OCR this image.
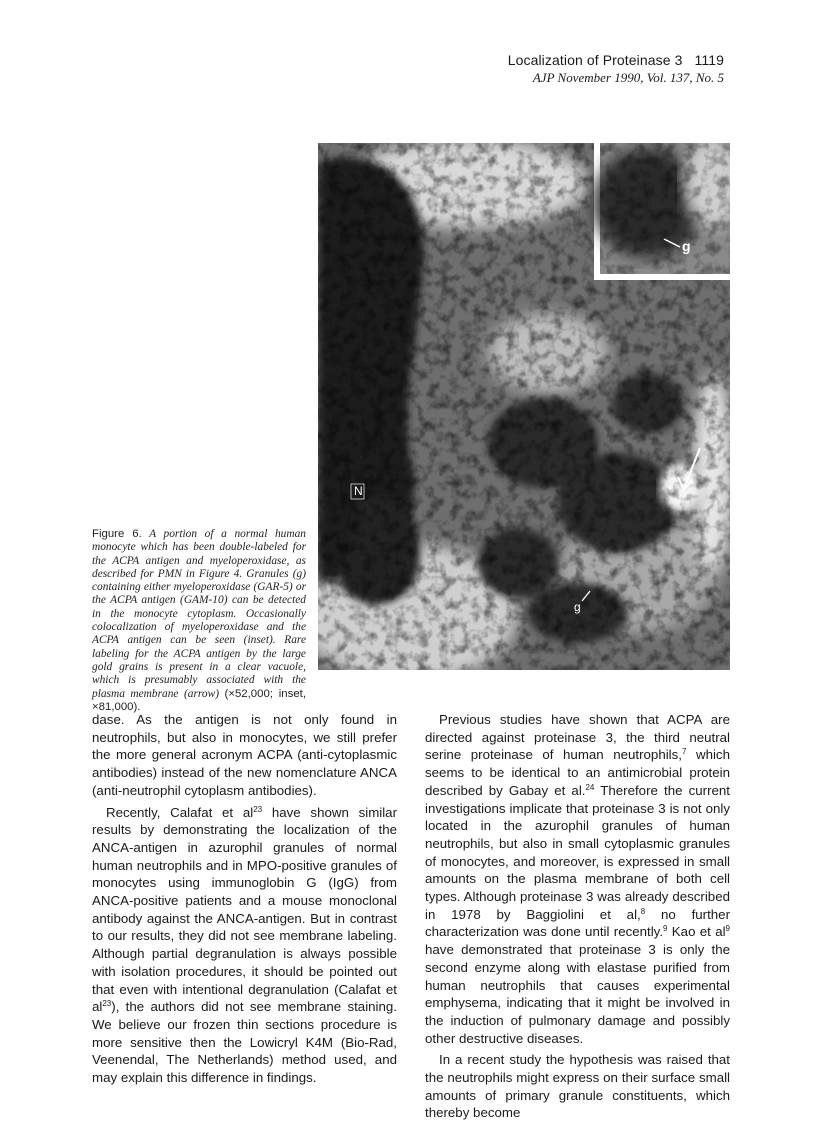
Localization of Proteinase 3 1119
AJP November 1990, Vol. 137, No. 5
N
g
g
Figure 6. A portion of a normal human monocyte which has been double-labeled for the ACPA antigen and myeloperoxidase, as described for PMN in Figure 4. Granules (g) containing either myeloperoxidase (GAR-5) or the ACPA antigen (GAM-10) can be detected in the monocyte cytoplasm. Occasionally colocalization of myeloperoxidase and the ACPA antigen can be seen (inset). Rare labeling for the ACPA antigen by the large gold grains is present in a clear vacuole, which is presumably associated with the plasma membrane (arrow) (×52,000; inset, ×81,000).

dase. As the antigen is not only found in neutrophils, but also in monocytes, we still prefer the more general acronym ACPA (anti-cytoplasmic antibodies) instead of the new nomenclature ANCA (anti-neutrophil cytoplasm antibodies).

Recently, Calafat et $al^{23}$ have shown similar results by demonstrating the localization of the ANCA-antigen in azurophil granules of normal human neutrophils and in MPO-positive granules of monocytes using immunoglobin G (IgG) from ANCA-positive patients and a mouse monoclonal antibody against the ANCA-antigen. But in contrast to our results, they did not see membrane labeling. Although partial degranulation is always possible with isolation procedures, it should be pointed out that even with intentional degranulation (Calafat et $al^{23}$), the authors did not see membrane staining. We believe our frozen thin sections procedure is more sensitive then the Lowicryl K4M (Bio-Rad, Veenendal, The Netherlands) method used, and may explain this difference in findings.

Previous studies have shown that ACPA are directed against proteinase 3, the third neutral serine proteinase of human neutrophils,$^7$ which seems to be identical to an antimicrobial protein described by Gabay et al.$^{24}$ Therefore the current investigations implicate that proteinase 3 is not only located in the azurophil granules of human neutrophils, but also in small cytoplasmic granules of monocytes, and moreover, is expressed in small amounts on the plasma membrane of both cell types. Although proteinase 3 was already described in 1978 by Baggiolini et al,$^8$ no further characterization was done until recently.$^9$ Kao et $al^9$ have demonstrated that proteinase 3 is only the second enzyme along with elastase purified from human neutrophils that causes experimental emphysema, indicating that it might be involved in the induction of pulmonary damage and possibly other destructive diseases.

In a recent study the hypothesis was raised that the neutrophils might express on their surface small amounts of primary granule constituents, which thereby become
